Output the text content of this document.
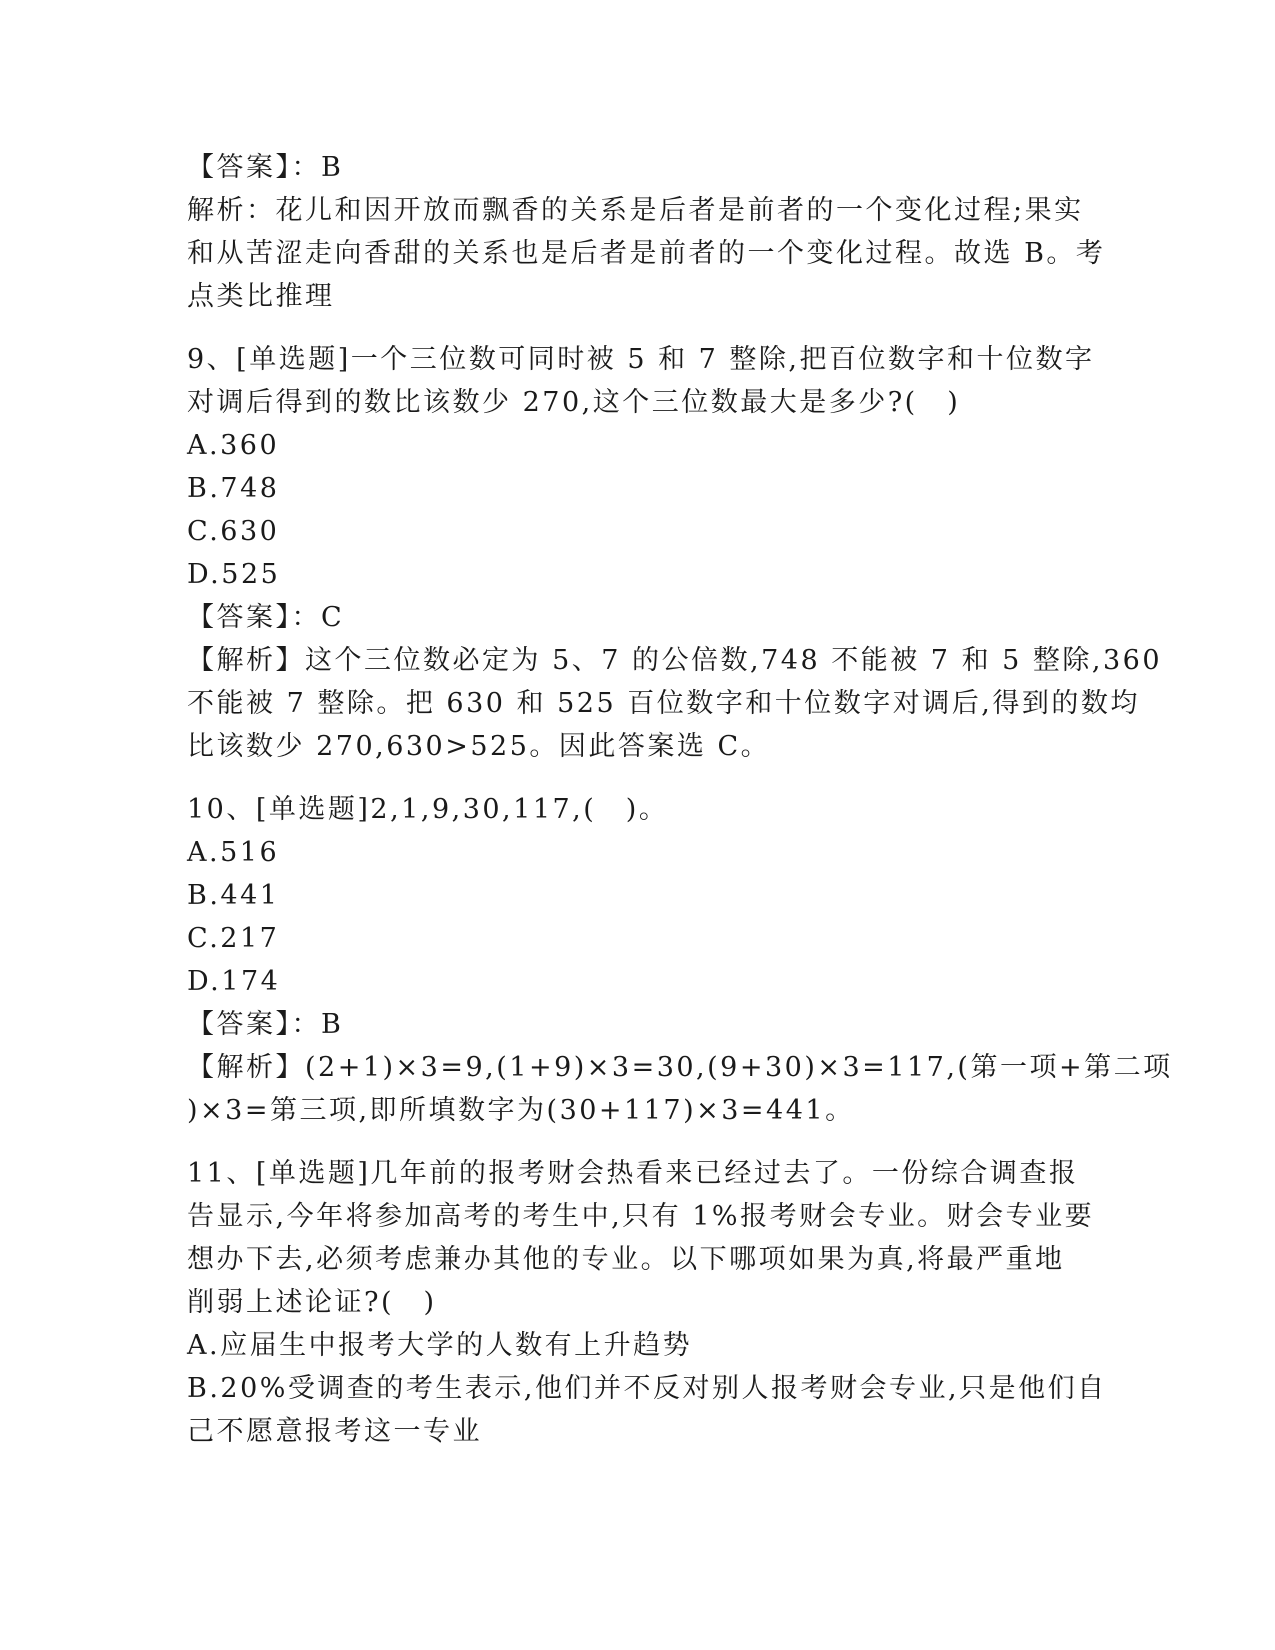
【答案】：B
解析：花儿和因开放而飘香的关系是后者是前者的一个变化过程;果实
和从苦涩走向香甜的关系也是后者是前者的一个变化过程。故选 B。考
点类比推理
9、[单选题]一个三位数可同时被 5 和 7 整除,把百位数字和十位数字
对调后得到的数比该数少 270,这个三位数最大是多少?(　)
A.360
B.748
C.630
D.525
【答案】：C
【解析】这个三位数必定为 5、7 的公倍数,748 不能被 7 和 5 整除,360
不能被 7 整除。把 630 和 525 百位数字和十位数字对调后,得到的数均
比该数少 270,630>525。因此答案选 C。
10、[单选题]2,1,9,30,117,(　)。
A.516
B.441
C.217
D.174
【答案】：B
【解析】(2+1)×3=9,(1+9)×3=30,(9+30)×3=117,(第一项+第二项
)×3=第三项,即所填数字为(30+117)×3=441。
11、[单选题]几年前的报考财会热看来已经过去了。一份综合调查报
告显示,今年将参加高考的考生中,只有 1%报考财会专业。财会专业要
想办下去,必须考虑兼办其他的专业。以下哪项如果为真,将最严重地
削弱上述论证?(　)
A.应届生中报考大学的人数有上升趋势
B.20%受调查的考生表示,他们并不反对别人报考财会专业,只是他们自
己不愿意报考这一专业
